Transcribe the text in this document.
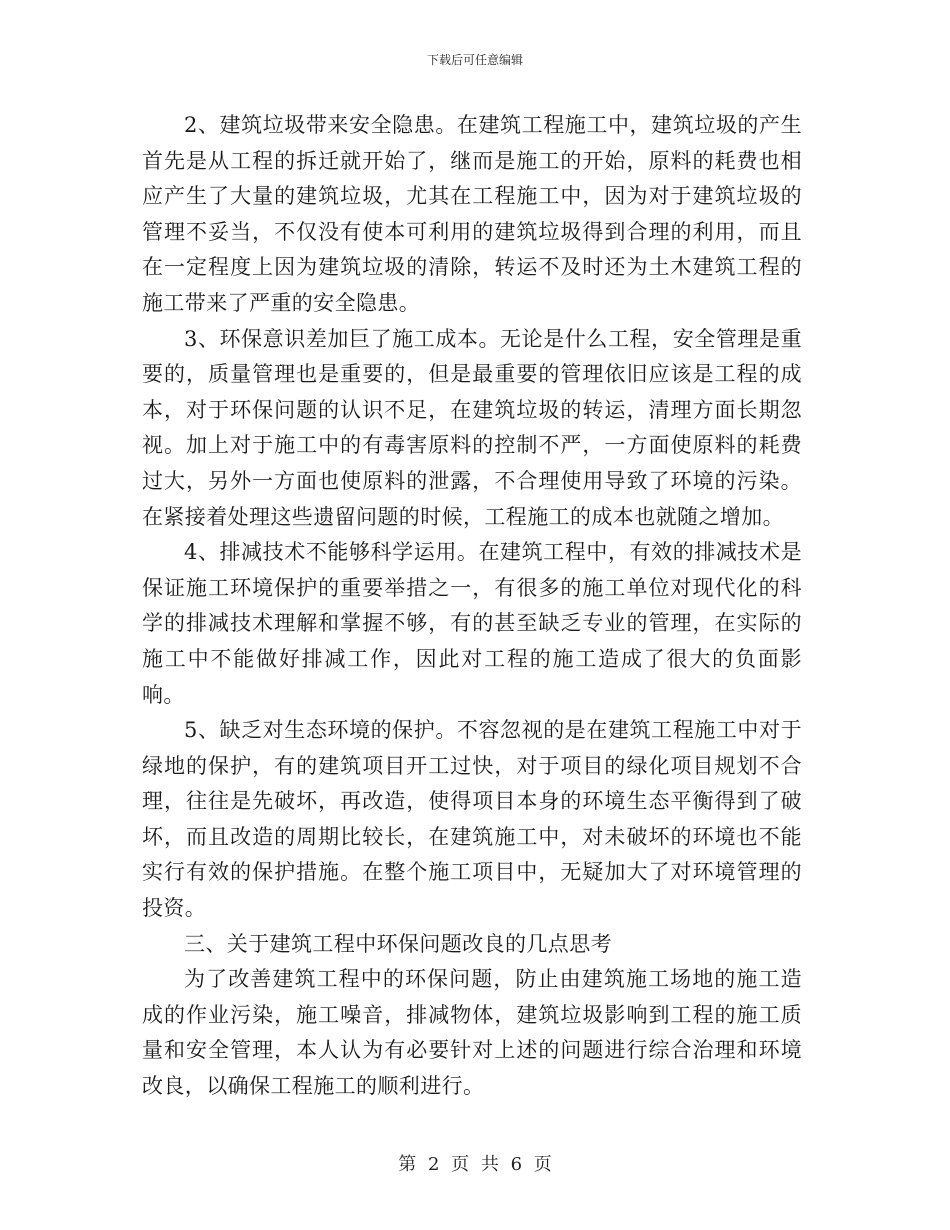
下载后可任意编辑

2、建筑垃圾带来安全隐患。在建筑工程施工中，建筑垃圾的产生首先是从工程的拆迁就开始了，继而是施工的开始，原料的耗费也相应产生了大量的建筑垃圾，尤其在工程施工中，因为对于建筑垃圾的管理不妥当，不仅没有使本可利用的建筑垃圾得到合理的利用，而且在一定程度上因为建筑垃圾的清除，转运不及时还为土木建筑工程的施工带来了严重的安全隐患。

3、环保意识差加巨了施工成本。无论是什么工程，安全管理是重要的，质量管理也是重要的，但是最重要的管理依旧应该是工程的成本，对于环保问题的认识不足，在建筑垃圾的转运，清理方面长期忽视。加上对于施工中的有毒害原料的控制不严，一方面使原料的耗费过大，另外一方面也使原料的泄露，不合理使用导致了环境的污染。在紧接着处理这些遗留问题的时候，工程施工的成本也就随之增加。

4、排减技术不能够科学运用。在建筑工程中，有效的排减技术是保证施工环境保护的重要举措之一，有很多的施工单位对现代化的科学的排减技术理解和掌握不够，有的甚至缺乏专业的管理，在实际的施工中不能做好排减工作，因此对工程的施工造成了很大的负面影响。

5、缺乏对生态环境的保护。不容忽视的是在建筑工程施工中对于绿地的保护，有的建筑项目开工过快，对于项目的绿化项目规划不合理，往往是先破坏，再改造，使得项目本身的环境生态平衡得到了破坏，而且改造的周期比较长，在建筑施工中，对未破坏的环境也不能实行有效的保护措施。在整个施工项目中，无疑加大了对环境管理的投资。

三、关于建筑工程中环保问题改良的几点思考

为了改善建筑工程中的环保问题，防止由建筑施工场地的施工造成的作业污染，施工噪音，排减物体，建筑垃圾影响到工程的施工质量和安全管理，本人认为有必要针对上述的问题进行综合治理和环境改良，以确保工程施工的顺利进行。

第 2 页 共 6 页
